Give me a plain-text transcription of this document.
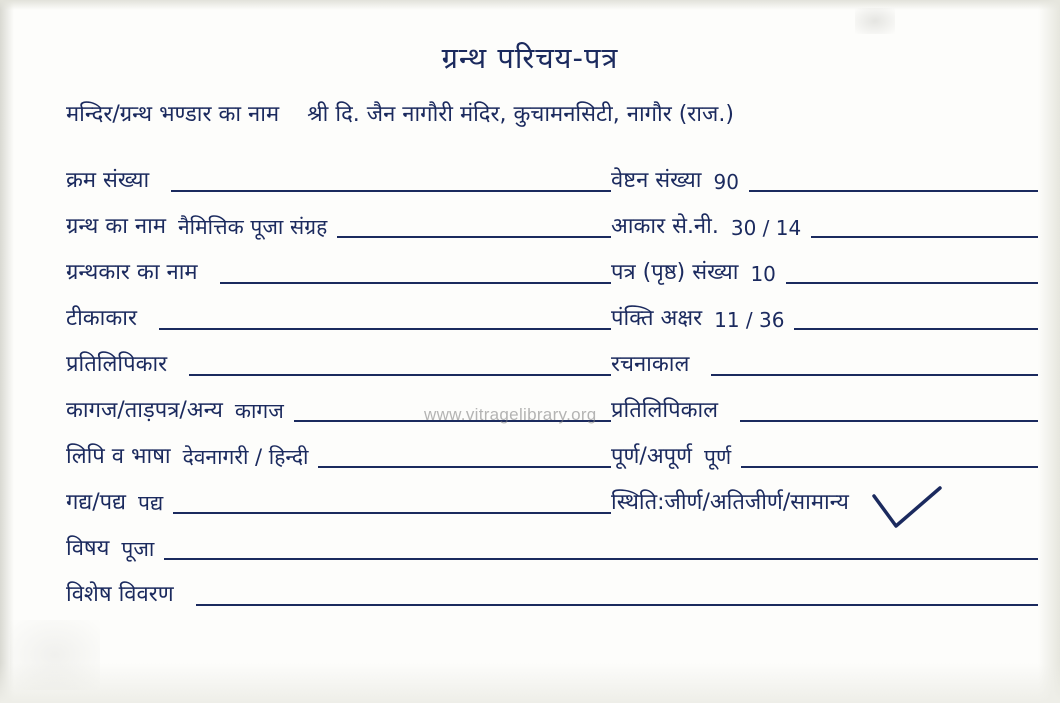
ग्रन्थ परिचय-पत्र
मन्दिर/ग्रन्थ भण्डार का नाम	श्री दि. जैन नागौरी मंदिर, कुचामनसिटी, नागौर (राज.)
क्रम संख्या	वेष्टन संख्या 90
ग्रन्थ का नाम नैमित्तिक पूजा संग्रह	आकार से.नी. 30 / 14
ग्रन्थकार का नाम	पत्र (पृष्ठ) संख्या 10
टीकाकार	पंक्ति अक्षर 11 / 36
प्रतिलिपिकार	रचनाकाल
कागज/ताड़पत्र/अन्य कागज	प्रतिलिपिकाल
लिपि व भाषा देवनागरी / हिन्दी	पूर्ण/अपूर्ण पूर्ण
गद्य/पद्य पद्य	स्थिति:जीर्ण/अतिजीर्ण/सामान्य
विषय पूजा
विशेष विवरण
www.vitragelibrary.org
